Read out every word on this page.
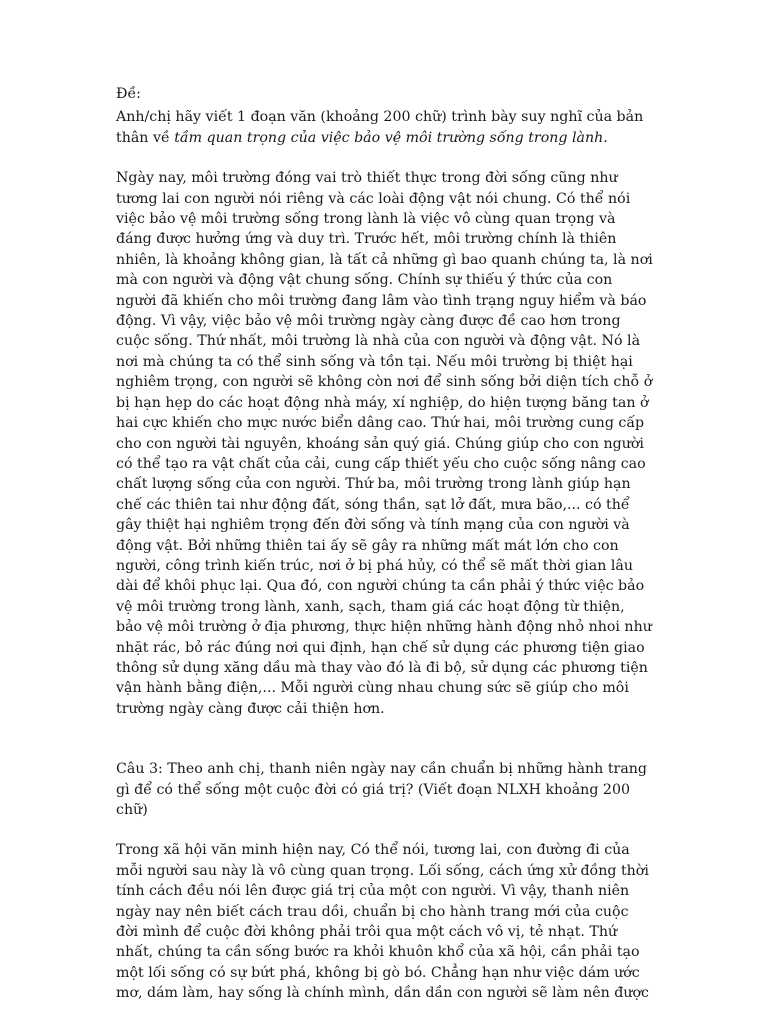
Đề:

Anh/chị hãy viết 1 đoạn văn (khoảng 200 chữ) trình bày suy nghĩ của bản thân về tầm quan trọng của việc bảo vệ môi trường sống trong lành.

Ngày nay, môi trường đóng vai trò thiết thực trong đời sống cũng như tương lai con người nói riêng và các loài động vật nói chung. Có thể nói việc bảo vệ môi trường sống trong lành là việc vô cùng quan trọng và đáng được hưởng ứng và duy trì. Trước hết, môi trường chính là thiên nhiên, là khoảng không gian, là tất cả những gì bao quanh chúng ta, là nơi mà con người và động vật chung sống. Chính sự thiếu ý thức của con người đã khiến cho môi trường đang lâm vào tình trạng nguy hiểm và báo động. Vì vậy, việc bảo vệ môi trường ngày càng được đề cao hơn trong cuộc sống. Thứ nhất, môi trường là nhà của con người và động vật. Nó là nơi mà chúng ta có thể sinh sống và tồn tại. Nếu môi trường bị thiệt hại nghiêm trọng, con người sẽ không còn nơi để sinh sống bởi diện tích chỗ ở bị hạn hẹp do các hoạt động nhà máy, xí nghiệp, do hiện tượng băng tan ở hai cực khiến cho mực nước biển dâng cao. Thứ hai, môi trường cung cấp cho con người tài nguyên, khoáng sản quý giá. Chúng giúp cho con người có thể tạo ra vật chất của cải, cung cấp thiết yếu cho cuộc sống nâng cao chất lượng sống của con người. Thứ ba, môi trường trong lành giúp hạn chế các thiên tai như động đất, sóng thần, sạt lở đất, mưa bão,... có thể gây thiệt hại nghiêm trọng đến đời sống và tính mạng của con người và động vật. Bởi những thiên tai ấy sẽ gây ra những mất mát lớn cho con người, công trình kiến trúc, nơi ở bị phá hủy, có thể sẽ mất thời gian lâu dài để khôi phục lại. Qua đó, con người chúng ta cần phải ý thức việc bảo vệ môi trường trong lành, xanh, sạch, tham giá các hoạt động từ thiện, bảo vệ môi trường ở địa phương, thực hiện những hành động nhỏ nhoi như nhặt rác, bỏ rác đúng nơi qui định, hạn chế sử dụng các phương tiện giao thông sử dụng xăng dầu mà thay vào đó là đi bộ, sử dụng các phương tiện vận hành bằng điện,... Mỗi người cùng nhau chung sức sẽ giúp cho môi trường ngày càng được cải thiện hơn.

Câu 3: Theo anh chị, thanh niên ngày nay cần chuẩn bị những hành trang gì để có thể sống một cuộc đời có giá trị? (Viết đoạn NLXH khoảng 200 chữ)

Trong xã hội văn minh hiện nay, Có thể nói, tương lai, con đường đi của mỗi người sau này là vô cùng quan trọng. Lối sống, cách ứng xử đồng thời tính cách đều nói lên được giá trị của một con người. Vì vậy, thanh niên ngày nay nên biết cách trau dồi, chuẩn bị cho hành trang mới của cuộc đời mình để cuộc đời không phải trôi qua một cách vô vị, tẻ nhạt. Thứ nhất, chúng ta cần sống bước ra khỏi khuôn khổ của xã hội, cần phải tạo một lối sống có sự bứt phá, không bị gò bó. Chẳng hạn như việc dám ước mơ, dám làm, hay sống là chính mình, dần dần con người sẽ làm nên được
